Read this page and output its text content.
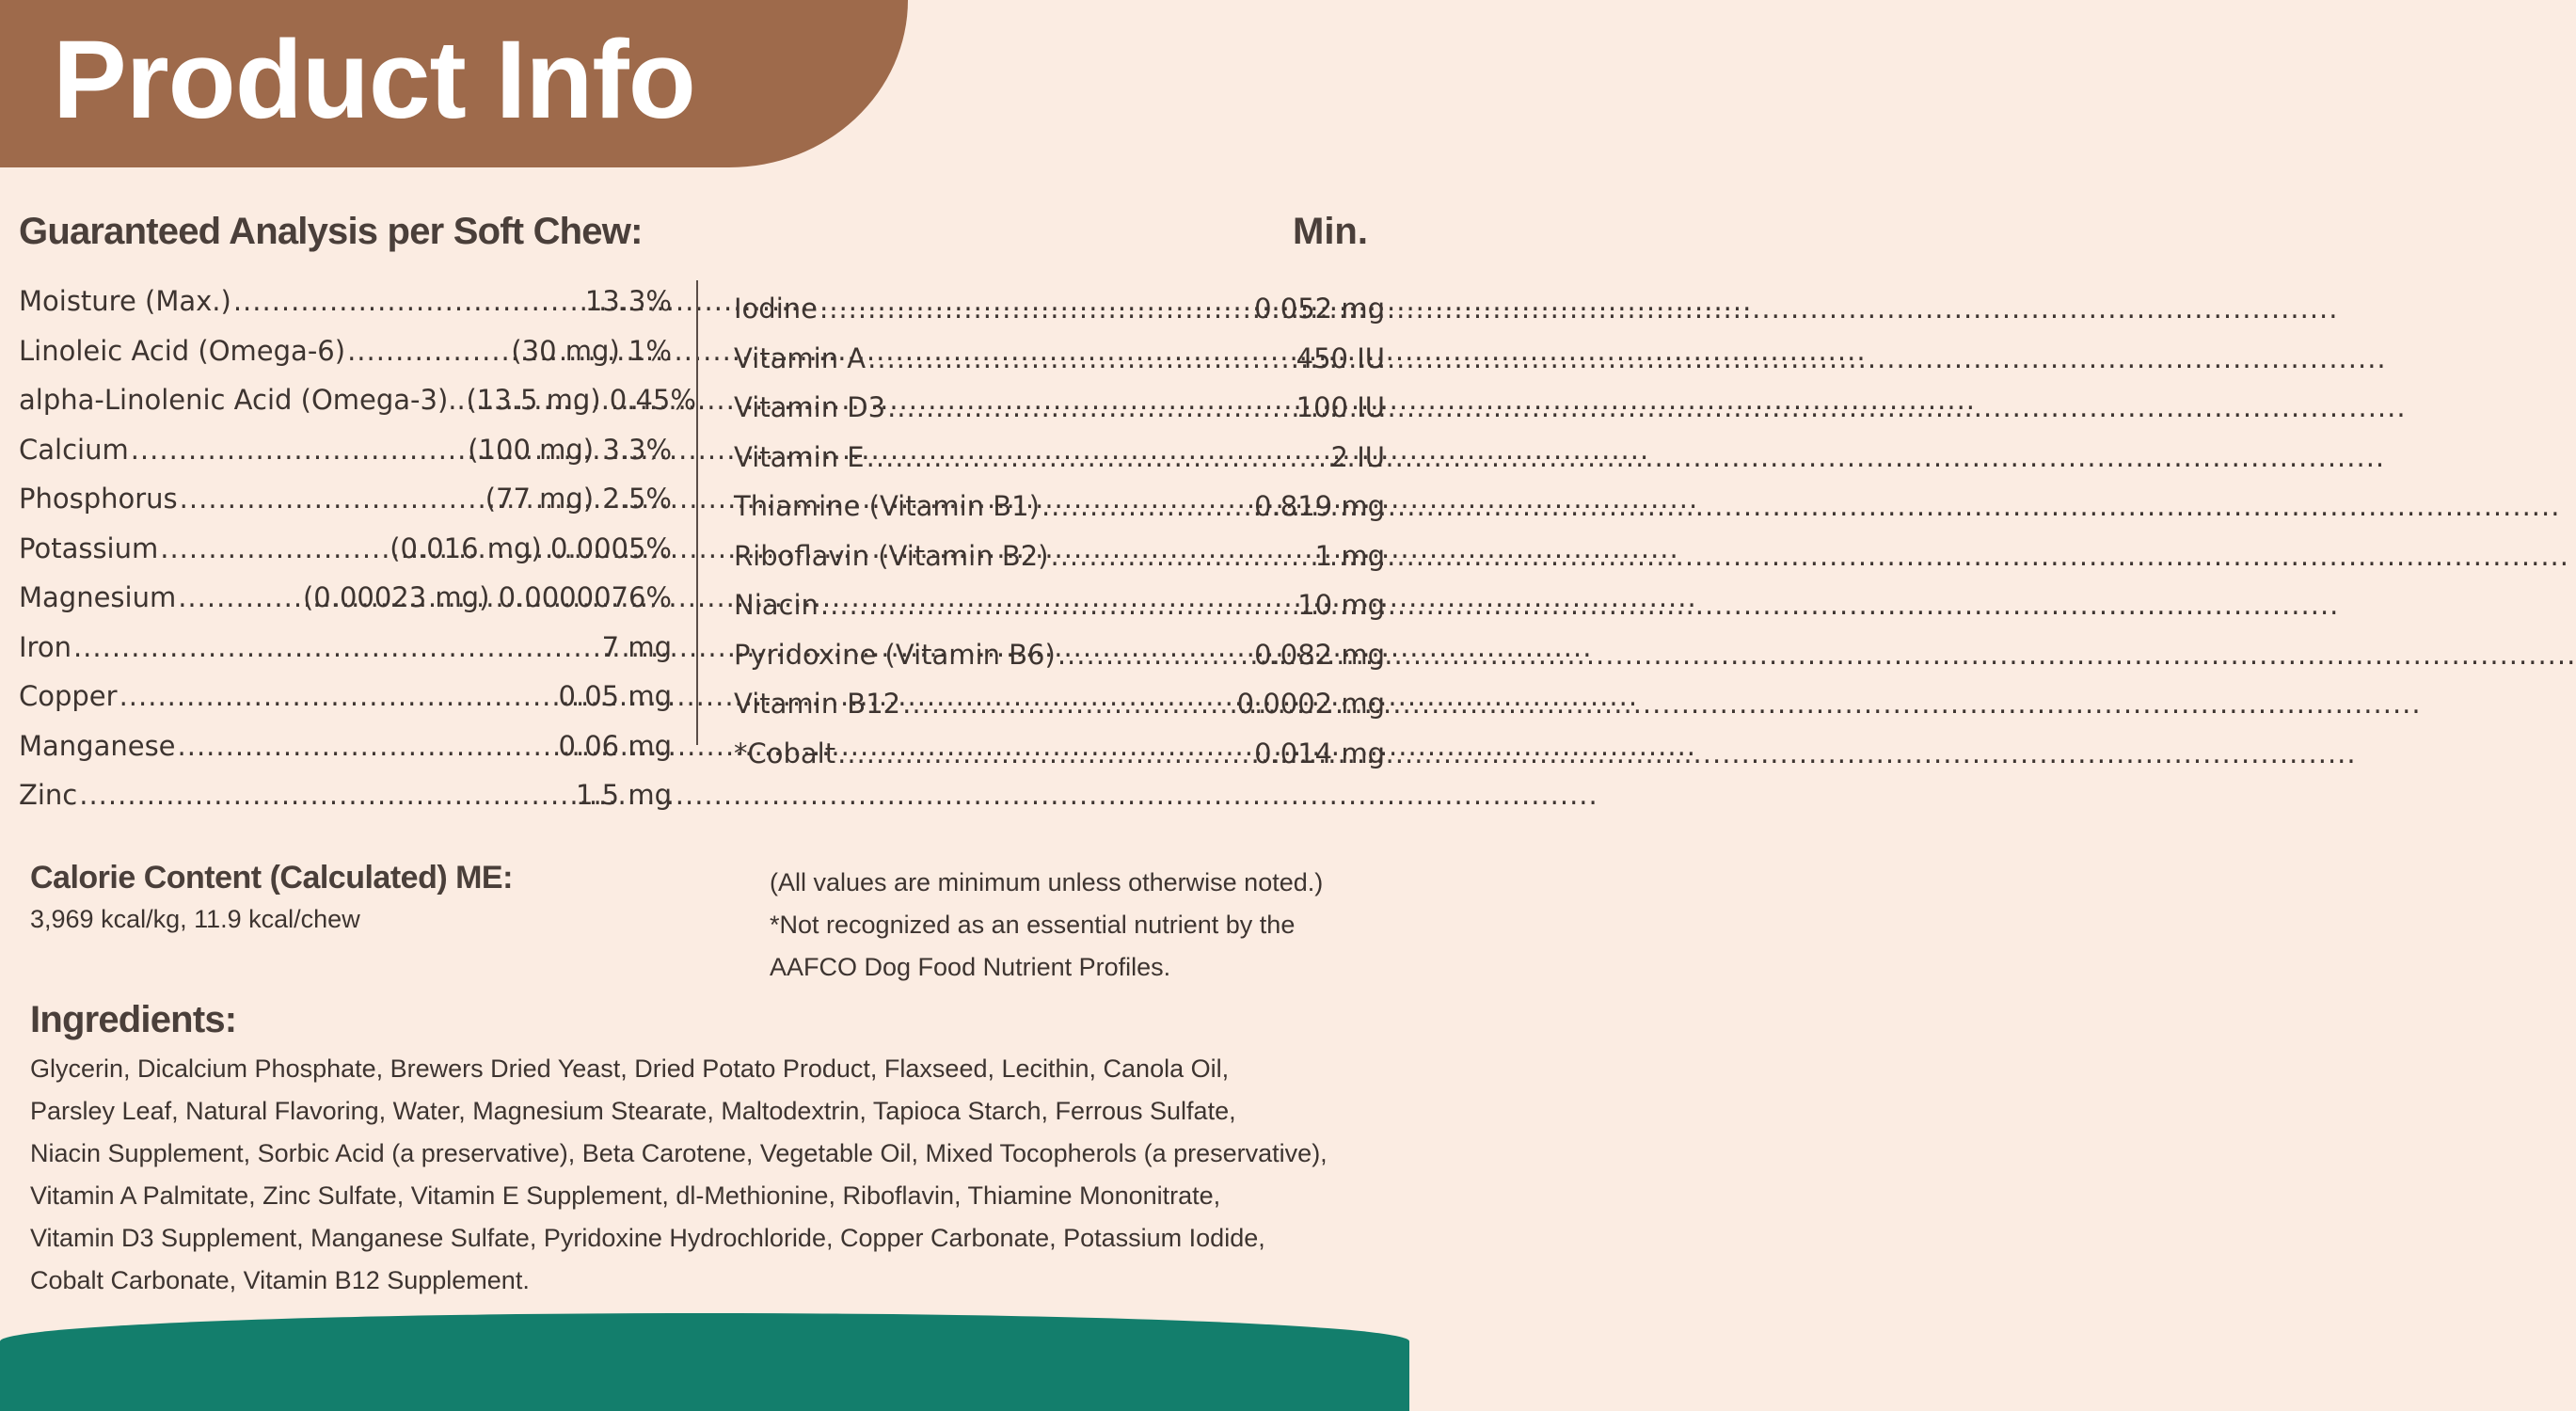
Product Info
Guaranteed Analysis per Soft Chew:	Min.
Moisture (Max.) .....	13.3%
Linoleic Acid (Omega-6) .....	(30 mg) 1%
alpha-Linolenic Acid (Omega-3). ..... (13.5 mg) 0.45%
Calcium .....	(100 mg) 3.3%
Phosphorus .....	(77 mg) 2.5%
Potassium .....	(0.016 mg) 0.0005%
Magnesium .....	(0.00023 mg) 0.0000076%
Iron .....	7 mg
Copper .....	0.05 mg
Manganese .....	0.06 mg
Zinc .....	1.5 mg
Iodine .....	0.052 mg
Vitamin A .....	450 IU
Vitamin D3 .....	100 IU
Vitamin E .....	2 IU
Thiamine (Vitamin B1) .....	0.819 mg
Riboflavin (Vitamin B2) .....	1 mg
Niacin .....	10 mg
Pyridoxine (Vitamin B6) .....	0.082 mg
Vitamin B12 .....	0.0002 mg
*Cobalt .....	0.014 mg
Calorie Content (Calculated) ME:
3,969 kcal/kg, 11.9 kcal/chew
(All values are minimum unless otherwise noted.)
*Not recognized as an essential nutrient by the
AAFCO Dog Food Nutrient Profiles.
Ingredients:
Glycerin, Dicalcium Phosphate, Brewers Dried Yeast, Dried Potato Product, Flaxseed, Lecithin, Canola Oil,
Parsley Leaf, Natural Flavoring, Water, Magnesium Stearate, Maltodextrin, Tapioca Starch, Ferrous Sulfate,
Niacin Supplement, Sorbic Acid (a preservative), Beta Carotene, Vegetable Oil, Mixed Tocopherols (a preservative),
Vitamin A Palmitate, Zinc Sulfate, Vitamin E Supplement, dl-Methionine, Riboflavin, Thiamine Mononitrate,
Vitamin D3 Supplement, Manganese Sulfate, Pyridoxine Hydrochloride, Copper Carbonate, Potassium Iodide,
Cobalt Carbonate, Vitamin B12 Supplement.
